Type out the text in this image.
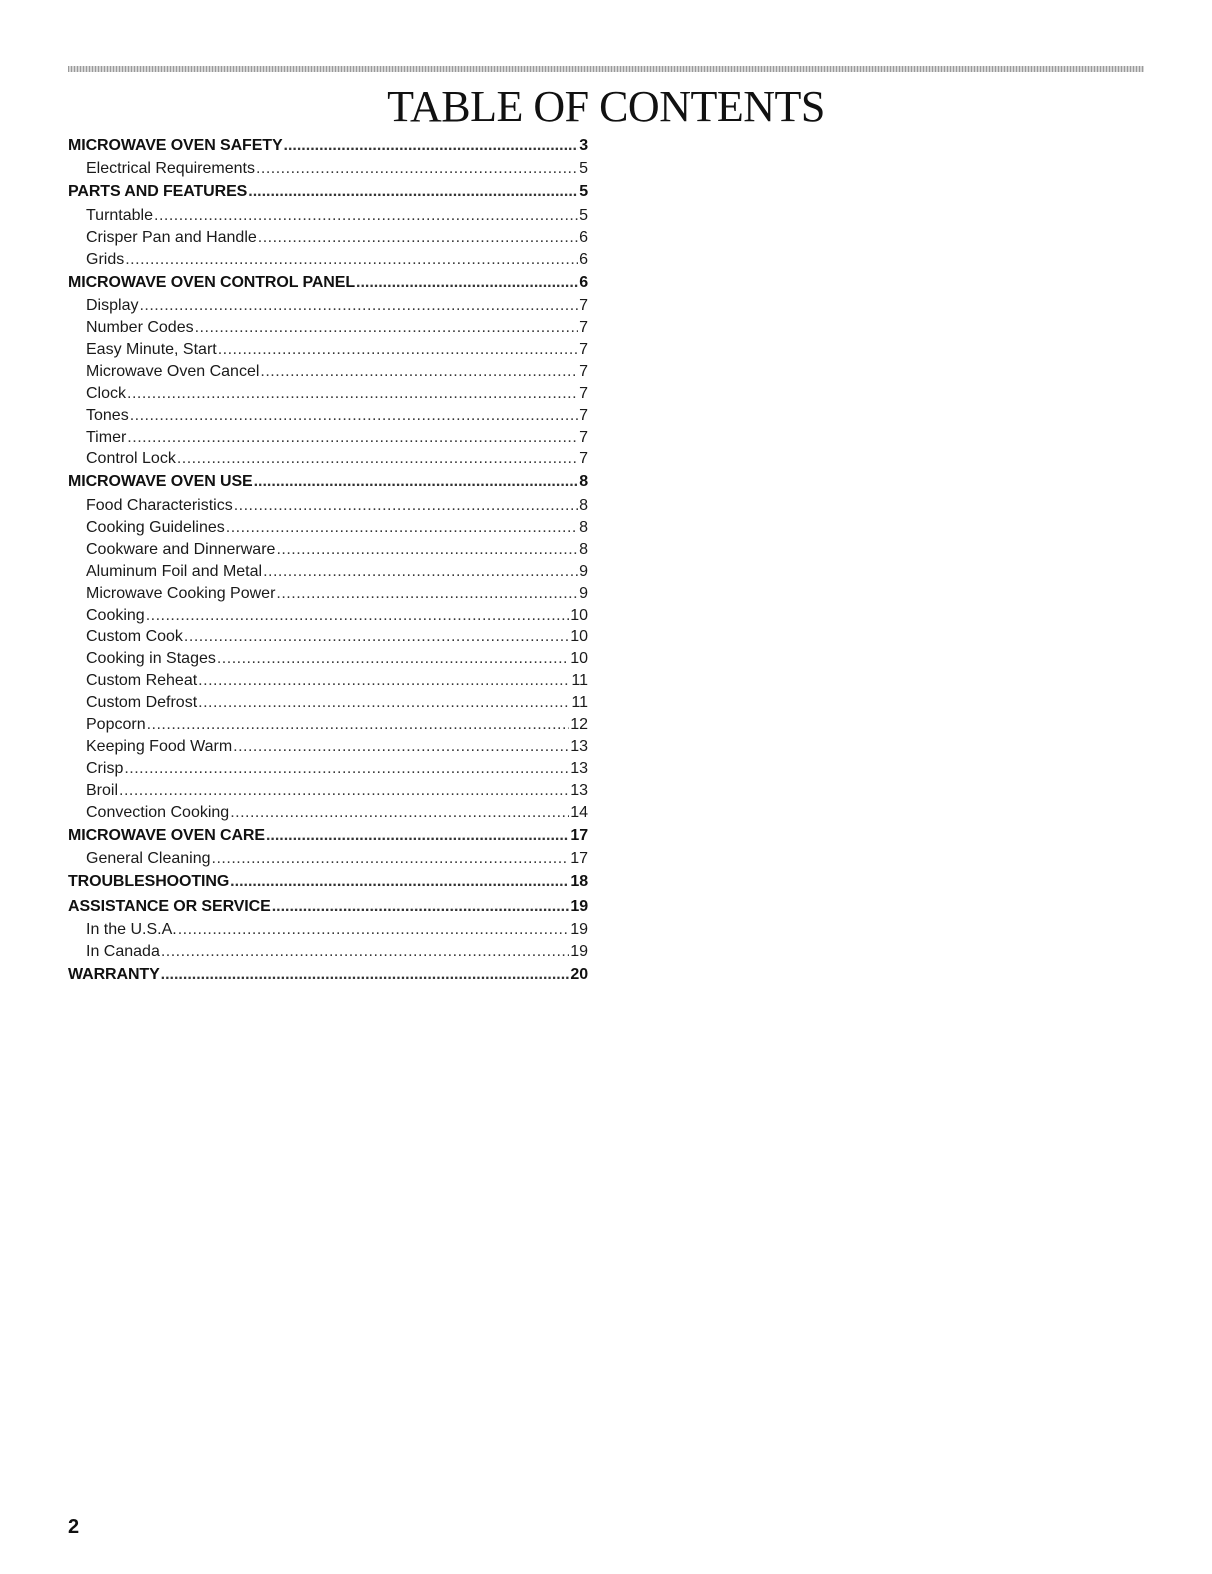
TABLE OF CONTENTS
MICROWAVE OVEN SAFETY .....	3
Electrical Requirements .....	5
PARTS AND FEATURES .....	5
Turntable .....	5
Crisper Pan and Handle .....	6
Grids .....	6
MICROWAVE OVEN CONTROL PANEL .....	6
Display .....	7
Number Codes .....	7
Easy Minute, Start .....	7
Microwave Oven Cancel .....	7
Clock .....	7
Tones .....	7
Timer .....	7
Control Lock .....	7
MICROWAVE OVEN USE .....	8
Food Characteristics .....	8
Cooking Guidelines .....	8
Cookware and Dinnerware .....	8
Aluminum Foil and Metal .....	9
Microwave Cooking Power .....	9
Cooking .....	10
Custom Cook .....	10
Cooking in Stages .....	10
Custom Reheat .....	11
Custom Defrost .....	11
Popcorn .....	12
Keeping Food Warm .....	13
Crisp .....	13
Broil .....	13
Convection Cooking .....	14
MICROWAVE OVEN CARE .....	17
General Cleaning .....	17
TROUBLESHOOTING .....	18
ASSISTANCE OR SERVICE .....	19
In the U.S.A. .....	19
In Canada .....	19
WARRANTY .....	20

2
